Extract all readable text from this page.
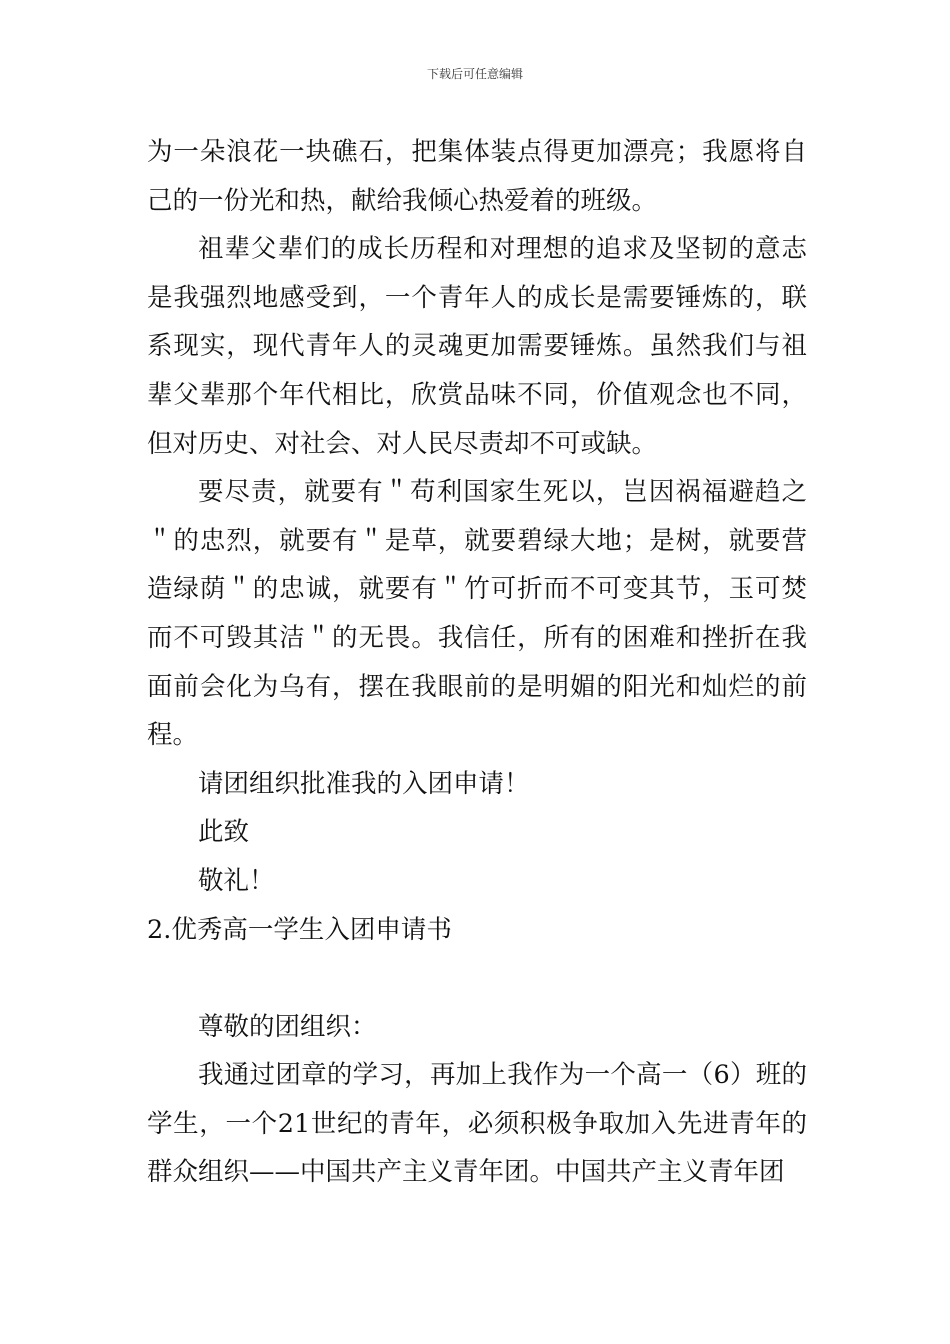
下载后可任意编辑

为一朵浪花一块礁石，把集体装点得更加漂亮；我愿将自己的一份光和热，献给我倾心热爱着的班级。

祖辈父辈们的成长历程和对理想的追求及坚韧的意志是我强烈地感受到，一个青年人的成长是需要锤炼的，联系现实，现代青年人的灵魂更加需要锤炼。虽然我们与祖辈父辈那个年代相比，欣赏品味不同，价值观念也不同，但对历史、对社会、对人民尽责却不可或缺。

要尽责，就要有＂苟利国家生死以，岂因祸福避趋之＂的忠烈，就要有＂是草，就要碧绿大地；是树，就要营造绿荫＂的忠诚，就要有＂竹可折而不可变其节，玉可焚而不可毁其洁＂的无畏。我信任，所有的困难和挫折在我面前会化为乌有，摆在我眼前的是明媚的阳光和灿烂的前程。

请团组织批准我的入团申请！

此致

敬礼！

2.优秀高一学生入团申请书

尊敬的团组织：

我通过团章的学习，再加上我作为一个高一（6）班的学生，一个21世纪的青年，必须积极争取加入先进青年的群众组织——中国共产主义青年团。中国共产主义青年团
